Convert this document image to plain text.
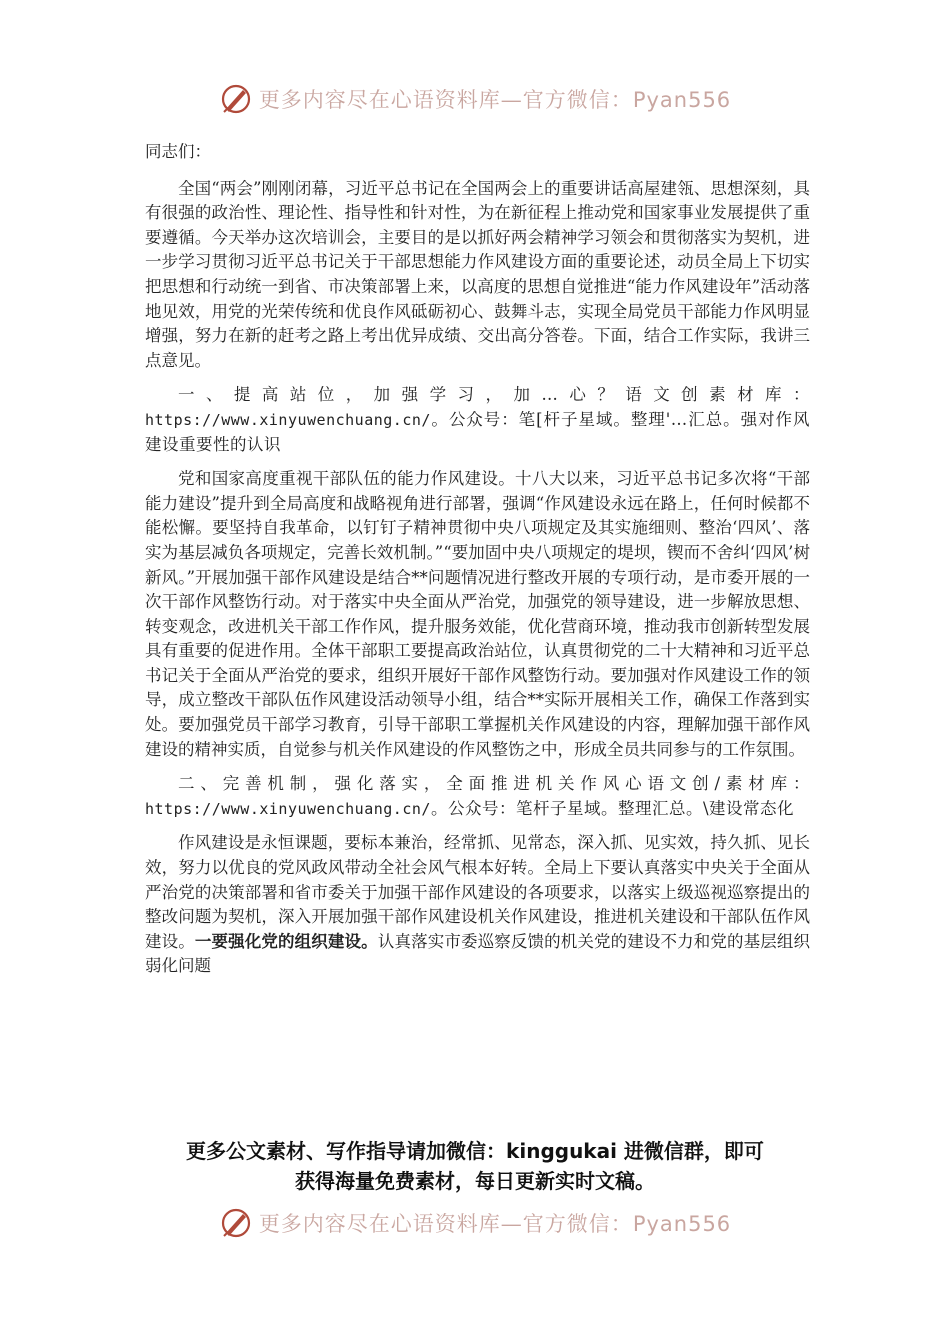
更多内容尽在心语资料库—官方微信：Pyan556

同志们：

全国“两会”刚刚闭幕，习近平总书记在全国两会上的重要讲话高屋建瓴、思想深刻，具有很强的政治性、理论性、指导性和针对性，为在新征程上推动党和国家事业发展提供了重要遵循。今天举办这次培训会，主要目的是以抓好两会精神学习领会和贯彻落实为契机，进一步学习贯彻习近平总书记关于干部思想能力作风建设方面的重要论述，动员全局上下切实把思想和行动统一到省、市决策部署上来，以高度的思想自觉推进“能力作风建设年”活动落地见效，用党的光荣传统和优良作风砥砺初心、鼓舞斗志，实现全局党员干部能力作风明显增强，努力在新的赶考之路上考出优异成绩、交出高分答卷。下面，结合工作实际，我讲三点意见。

一、提高站位，加强学习，加…心？语文创素材库：https://www.xinyuwenchuang.cn/。公众号：笔[杆子星域。整理'…汇总。强对作风建设重要性的认识

党和国家高度重视干部队伍的能力作风建设。十八大以来，习近平总书记多次将“干部能力建设”提升到全局高度和战略视角进行部署，强调“作风建设永远在路上，任何时候都不能松懈。要坚持自我革命，以钉钉子精神贯彻中央八项规定及其实施细则、整治‘四风’、落实为基层减负各项规定，完善长效机制。”“要加固中央八项规定的堤坝，锲而不舍纠‘四风’树新风。”开展加强干部作风建设是结合**问题情况进行整改开展的专项行动，是市委开展的一次干部作风整饬行动。对于落实中央全面从严治党，加强党的领导建设，进一步解放思想、转变观念，改进机关干部工作作风，提升服务效能，优化营商环境，推动我市创新转型发展具有重要的促进作用。全体干部职工要提高政治站位，认真贯彻党的二十大精神和习近平总书记关于全面从严治党的要求，组织开展好干部作风整饬行动。要加强对作风建设工作的领导，成立整改干部队伍作风建设活动领导小组，结合**实际开展相关工作，确保工作落到实处。要加强党员干部学习教育，引导干部职工掌握机关作风建设的内容，理解加强干部作风建设的精神实质，自觉参与机关作风建设的作风整饬之中，形成全员共同参与的工作氛围。

二、完善机制，强化落实，全面推进机关作风心语文创/素材库：https://www.xinyuwenchuang.cn/。公众号：笔杆子星域。整理汇总。\建设常态化

作风建设是永恒课题，要标本兼治，经常抓、见常态，深入抓、见实效，持久抓、见长效，努力以优良的党风政风带动全社会风气根本好转。全局上下要认真落实中央关于全面从严治党的决策部署和省市委关于加强干部作风建设的各项要求，以落实上级巡视巡察提出的整改问题为契机，深入开展加强干部作风建设机关作风建设，推进机关建设和干部队伍作风建设。一要强化党的组织建设。认真落实市委巡察反馈的机关党的建设不力和党的基层组织弱化问题

更多公文素材、写作指导请加微信：kinggukai 进微信群，即可
获得海量免费素材，每日更新实时文稿。
更多内容尽在心语资料库—官方微信：Pyan556
